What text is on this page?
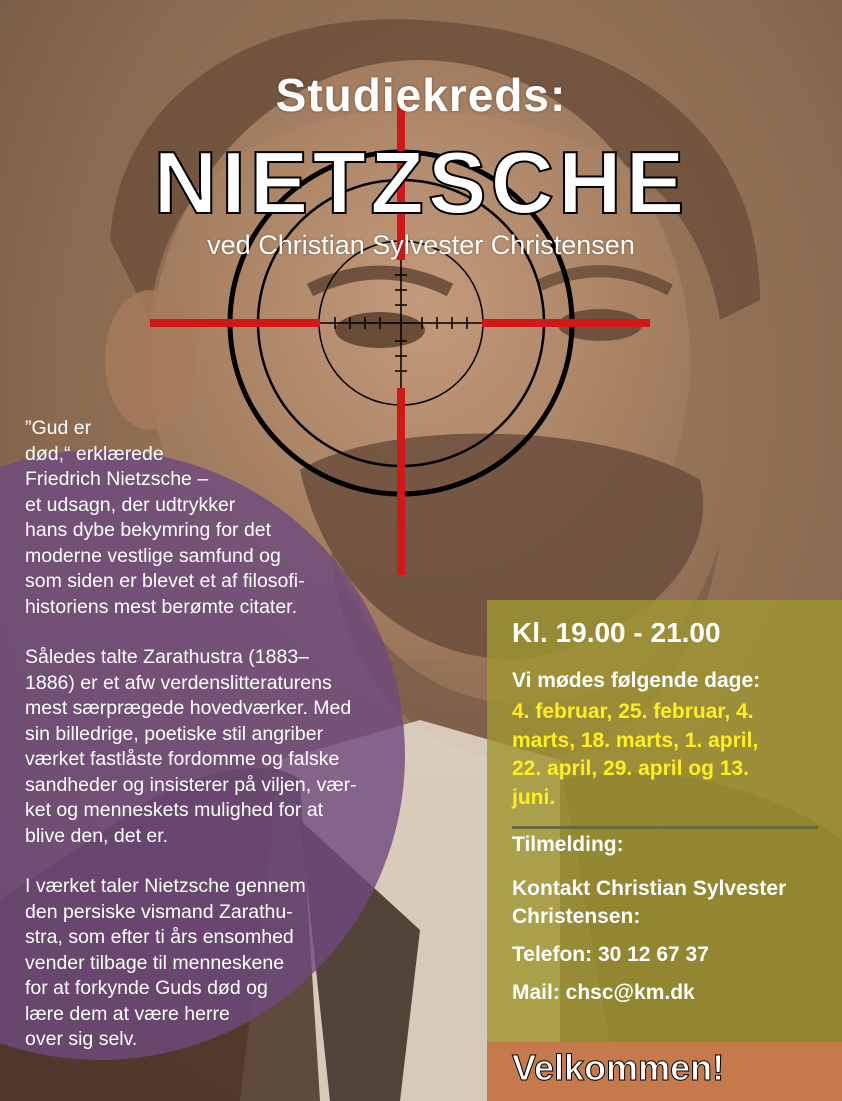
Studiekreds:
NIETZSCHE
ved Christian Sylvester Christensen

”Gud er
død,“ erklærede
Friedrich Nietzsche –
et udsagn, der udtrykker
hans dybe bekymring for det
moderne vestlige samfund og
som siden er blevet et af filosofi-
historiens mest berømte citater.

Således talte Zarathustra (1883–
1886) er et afw verdenslitteraturens
mest særprægede hovedværker. Med
sin billedrige, poetiske stil angriber
værket fastlåste fordomme og falske
sandheder og insisterer på viljen, vær-
ket og menneskets mulighed for at
blive den, det er.

I værket taler Nietzsche gennem
den persiske vismand Zarathu-
stra, som efter ti års ensomhed
vender tilbage til menneskene
for at forkynde Guds død og
lære dem at være herre
over sig selv.

Kl. 19.00 - 21.00
Vi mødes følgende dage:
4. februar, 25. februar, 4.
marts, 18. marts, 1. april,
22. april, 29. april og 13.
juni.
Tilmelding:
Kontakt Christian Sylvester
Christensen:
Telefon: 30 12 67 37
Mail: chsc@km.dk
Velkommen!
